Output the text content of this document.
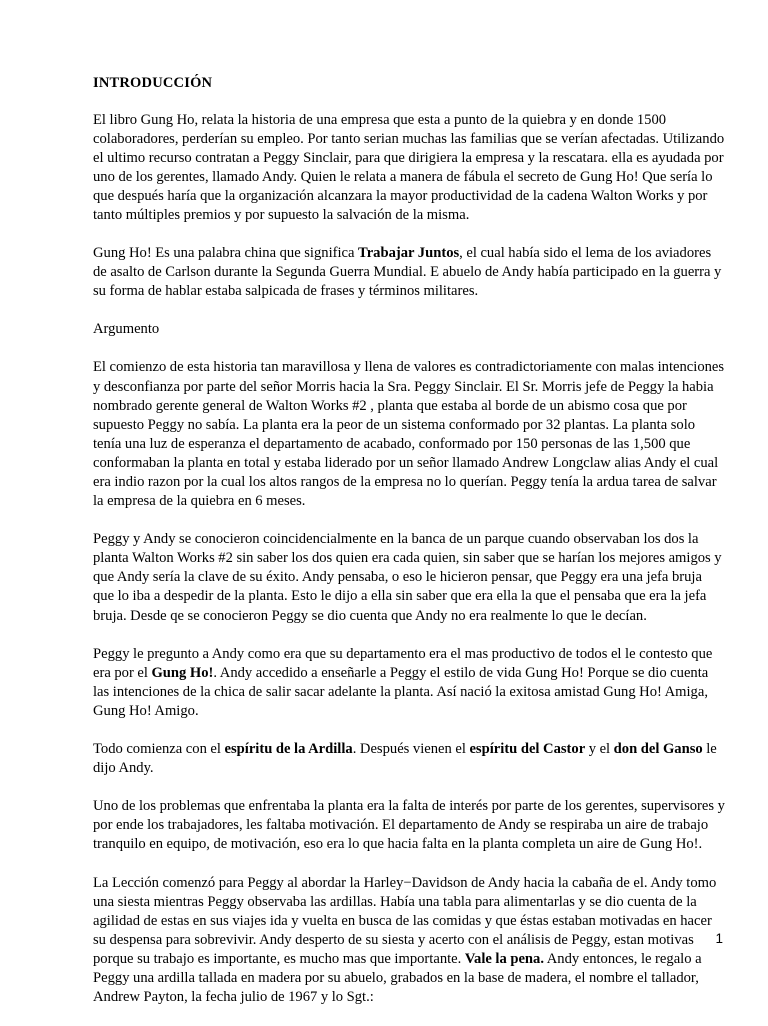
INTRODUCCIÓN

El libro Gung Ho, relata la historia de una empresa que esta a punto de la quiebra y en donde 1500 colaboradores, perderían su empleo. Por tanto serian muchas las familias que se verían afectadas. Utilizando el ultimo recurso contratan a Peggy Sinclair, para que dirigiera la empresa y la rescatara. ella es ayudada por uno de los gerentes, llamado Andy. Quien le relata a manera de fábula el secreto de Gung Ho! Que sería lo que después haría que la organización alcanzara la mayor productividad de la cadena Walton Works y por tanto múltiples premios y por supuesto la salvación de la misma.

Gung Ho! Es una palabra china que significa Trabajar Juntos, el cual había sido el lema de los aviadores de asalto de Carlson durante la Segunda Guerra Mundial. E abuelo de Andy había participado en la guerra y su forma de hablar estaba salpicada de frases y términos militares.

Argumento

El comienzo de esta historia tan maravillosa y llena de valores es contradictoriamente con malas intenciones y desconfianza por parte del señor Morris hacia la Sra. Peggy Sinclair. El Sr. Morris jefe de Peggy la habia nombrado gerente general de Walton Works #2 , planta que estaba al borde de un abismo cosa que por supuesto Peggy no sabía. La planta era la peor de un sistema conformado por 32 plantas. La planta solo tenía una luz de esperanza el departamento de acabado, conformado por 150 personas de las 1,500 que conformaban la planta en total y estaba liderado por un señor llamado Andrew Longclaw alias Andy el cual era indio razon por la cual los altos rangos de la empresa no lo querían. Peggy tenía la ardua tarea de salvar la empresa de la quiebra en 6 meses.

Peggy y Andy se conocieron coincidencialmente en la banca de un parque cuando observaban los dos la planta Walton Works #2 sin saber los dos quien era cada quien, sin saber que se harían los mejores amigos y que Andy sería la clave de su éxito. Andy pensaba, o eso le hicieron pensar, que Peggy era una jefa bruja que lo iba a despedir de la planta. Esto le dijo a ella sin saber que era ella la que el pensaba que era la jefa bruja. Desde qe se conocieron Peggy se dio cuenta que Andy no era realmente lo que le decían.

Peggy le pregunto a Andy como era que su departamento era el mas productivo de todos el le contesto que era por el Gung Ho!. Andy accedido a enseñarle a Peggy el estilo de vida Gung Ho! Porque se dio cuenta las intenciones de la chica de salir sacar adelante la planta. Así nació la exitosa amistad Gung Ho! Amiga, Gung Ho! Amigo.

Todo comienza con el espíritu de la Ardilla. Después vienen el espíritu del Castor y el don del Ganso le dijo Andy.

Uno de los problemas que enfrentaba la planta era la falta de interés por parte de los gerentes, supervisores y por ende los trabajadores, les faltaba motivación. El departamento de Andy se respiraba un aire de trabajo tranquilo en equipo, de motivación, eso era lo que hacia falta en la planta completa un aire de Gung Ho!.

La Lección comenzó para Peggy al abordar la Harley−Davidson de Andy hacia la cabaña de el. Andy tomo una siesta mientras Peggy observaba las ardillas. Había una tabla para alimentarlas y se dio cuenta de la agilidad de estas en sus viajes ida y vuelta en busca de las comidas y que éstas estaban motivadas en hacer su despensa para sobrevivir. Andy desperto de su siesta y acerto con el análisis de Peggy, estan motivas porque su trabajo es importante, es mucho mas que importante. Vale la pena. Andy entonces, le regalo a Peggy una ardilla tallada en madera por su abuelo, grabados en la base de madera, el nombre el tallador, Andrew Payton, la fecha julio de 1967 y lo Sgt.:

1
